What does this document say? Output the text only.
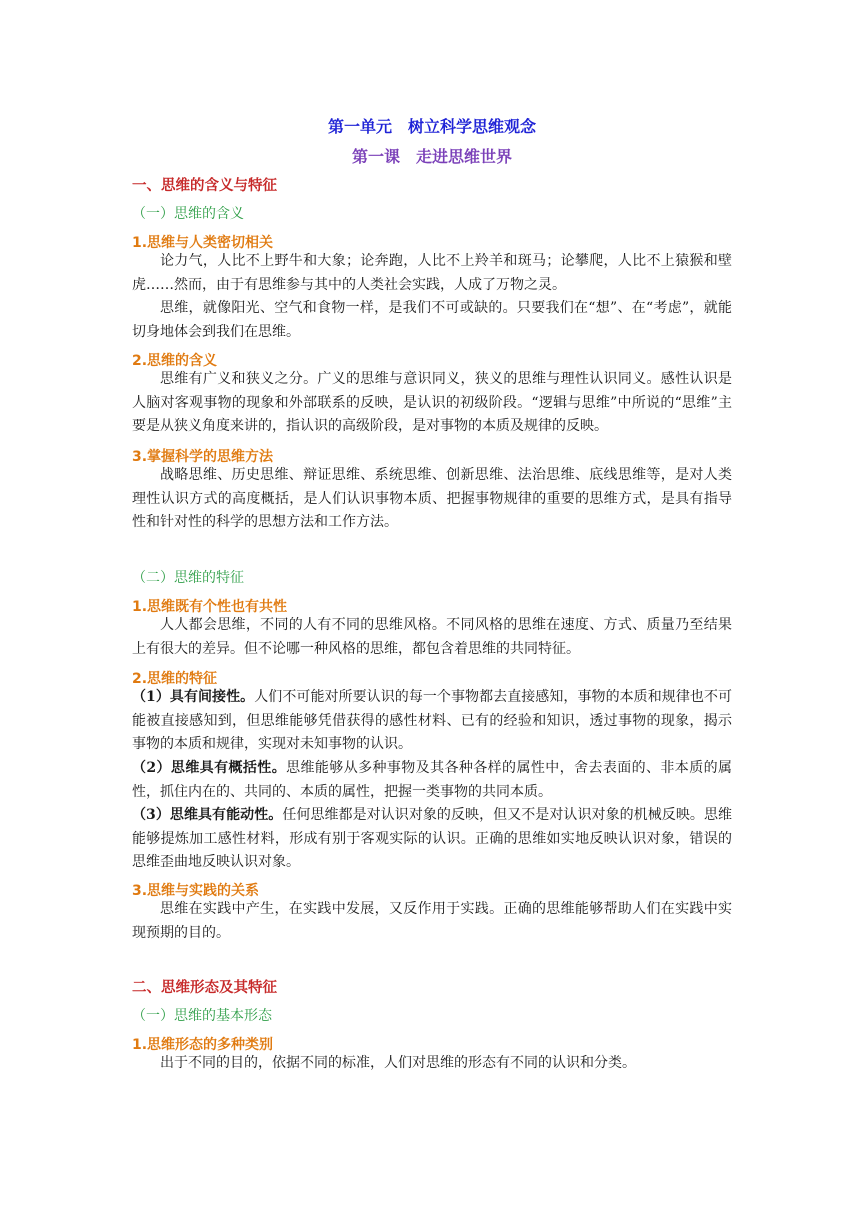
第一单元　树立科学思维观念
第一课　走进思维世界
一、思维的含义与特征
（一）思维的含义
1.思维与人类密切相关
论力气，人比不上野牛和大象；论奔跑，人比不上羚羊和斑马；论攀爬，人比不上猿猴和壁虎……然而，由于有思维参与其中的人类社会实践，人成了万物之灵。
思维，就像阳光、空气和食物一样，是我们不可或缺的。只要我们在“想”、在“考虑”，就能切身地体会到我们在思维。
2.思维的含义
思维有广义和狭义之分。广义的思维与意识同义，狭义的思维与理性认识同义。感性认识是人脑对客观事物的现象和外部联系的反映，是认识的初级阶段。“逻辑与思维”中所说的“思维”主要是从狭义角度来讲的，指认识的高级阶段，是对事物的本质及规律的反映。
3.掌握科学的思维方法
战略思维、历史思维、辩证思维、系统思维、创新思维、法治思维、底线思维等，是对人类理性认识方式的高度概括，是人们认识事物本质、把握事物规律的重要的思维方式，是具有指导性和针对性的科学的思想方法和工作方法。
（二）思维的特征
1.思维既有个性也有共性
人人都会思维，不同的人有不同的思维风格。不同风格的思维在速度、方式、质量乃至结果上有很大的差异。但不论哪一种风格的思维，都包含着思维的共同特征。
2.思维的特征
（1）具有间接性。人们不可能对所要认识的每一个事物都去直接感知，事物的本质和规律也不可能被直接感知到，但思维能够凭借获得的感性材料、已有的经验和知识，透过事物的现象，揭示事物的本质和规律，实现对未知事物的认识。
（2）思维具有概括性。思维能够从多种事物及其各种各样的属性中，舍去表面的、非本质的属性，抓住内在的、共同的、本质的属性，把握一类事物的共同本质。
（3）思维具有能动性。任何思维都是对认识对象的反映，但又不是对认识对象的机械反映。思维能够提炼加工感性材料，形成有别于客观实际的认识。正确的思维如实地反映认识对象，错误的思维歪曲地反映认识对象。
3.思维与实践的关系
思维在实践中产生，在实践中发展，又反作用于实践。正确的思维能够帮助人们在实践中实现预期的目的。
二、思维形态及其特征
（一）思维的基本形态
1.思维形态的多种类别
出于不同的目的，依据不同的标准，人们对思维的形态有不同的认识和分类。
